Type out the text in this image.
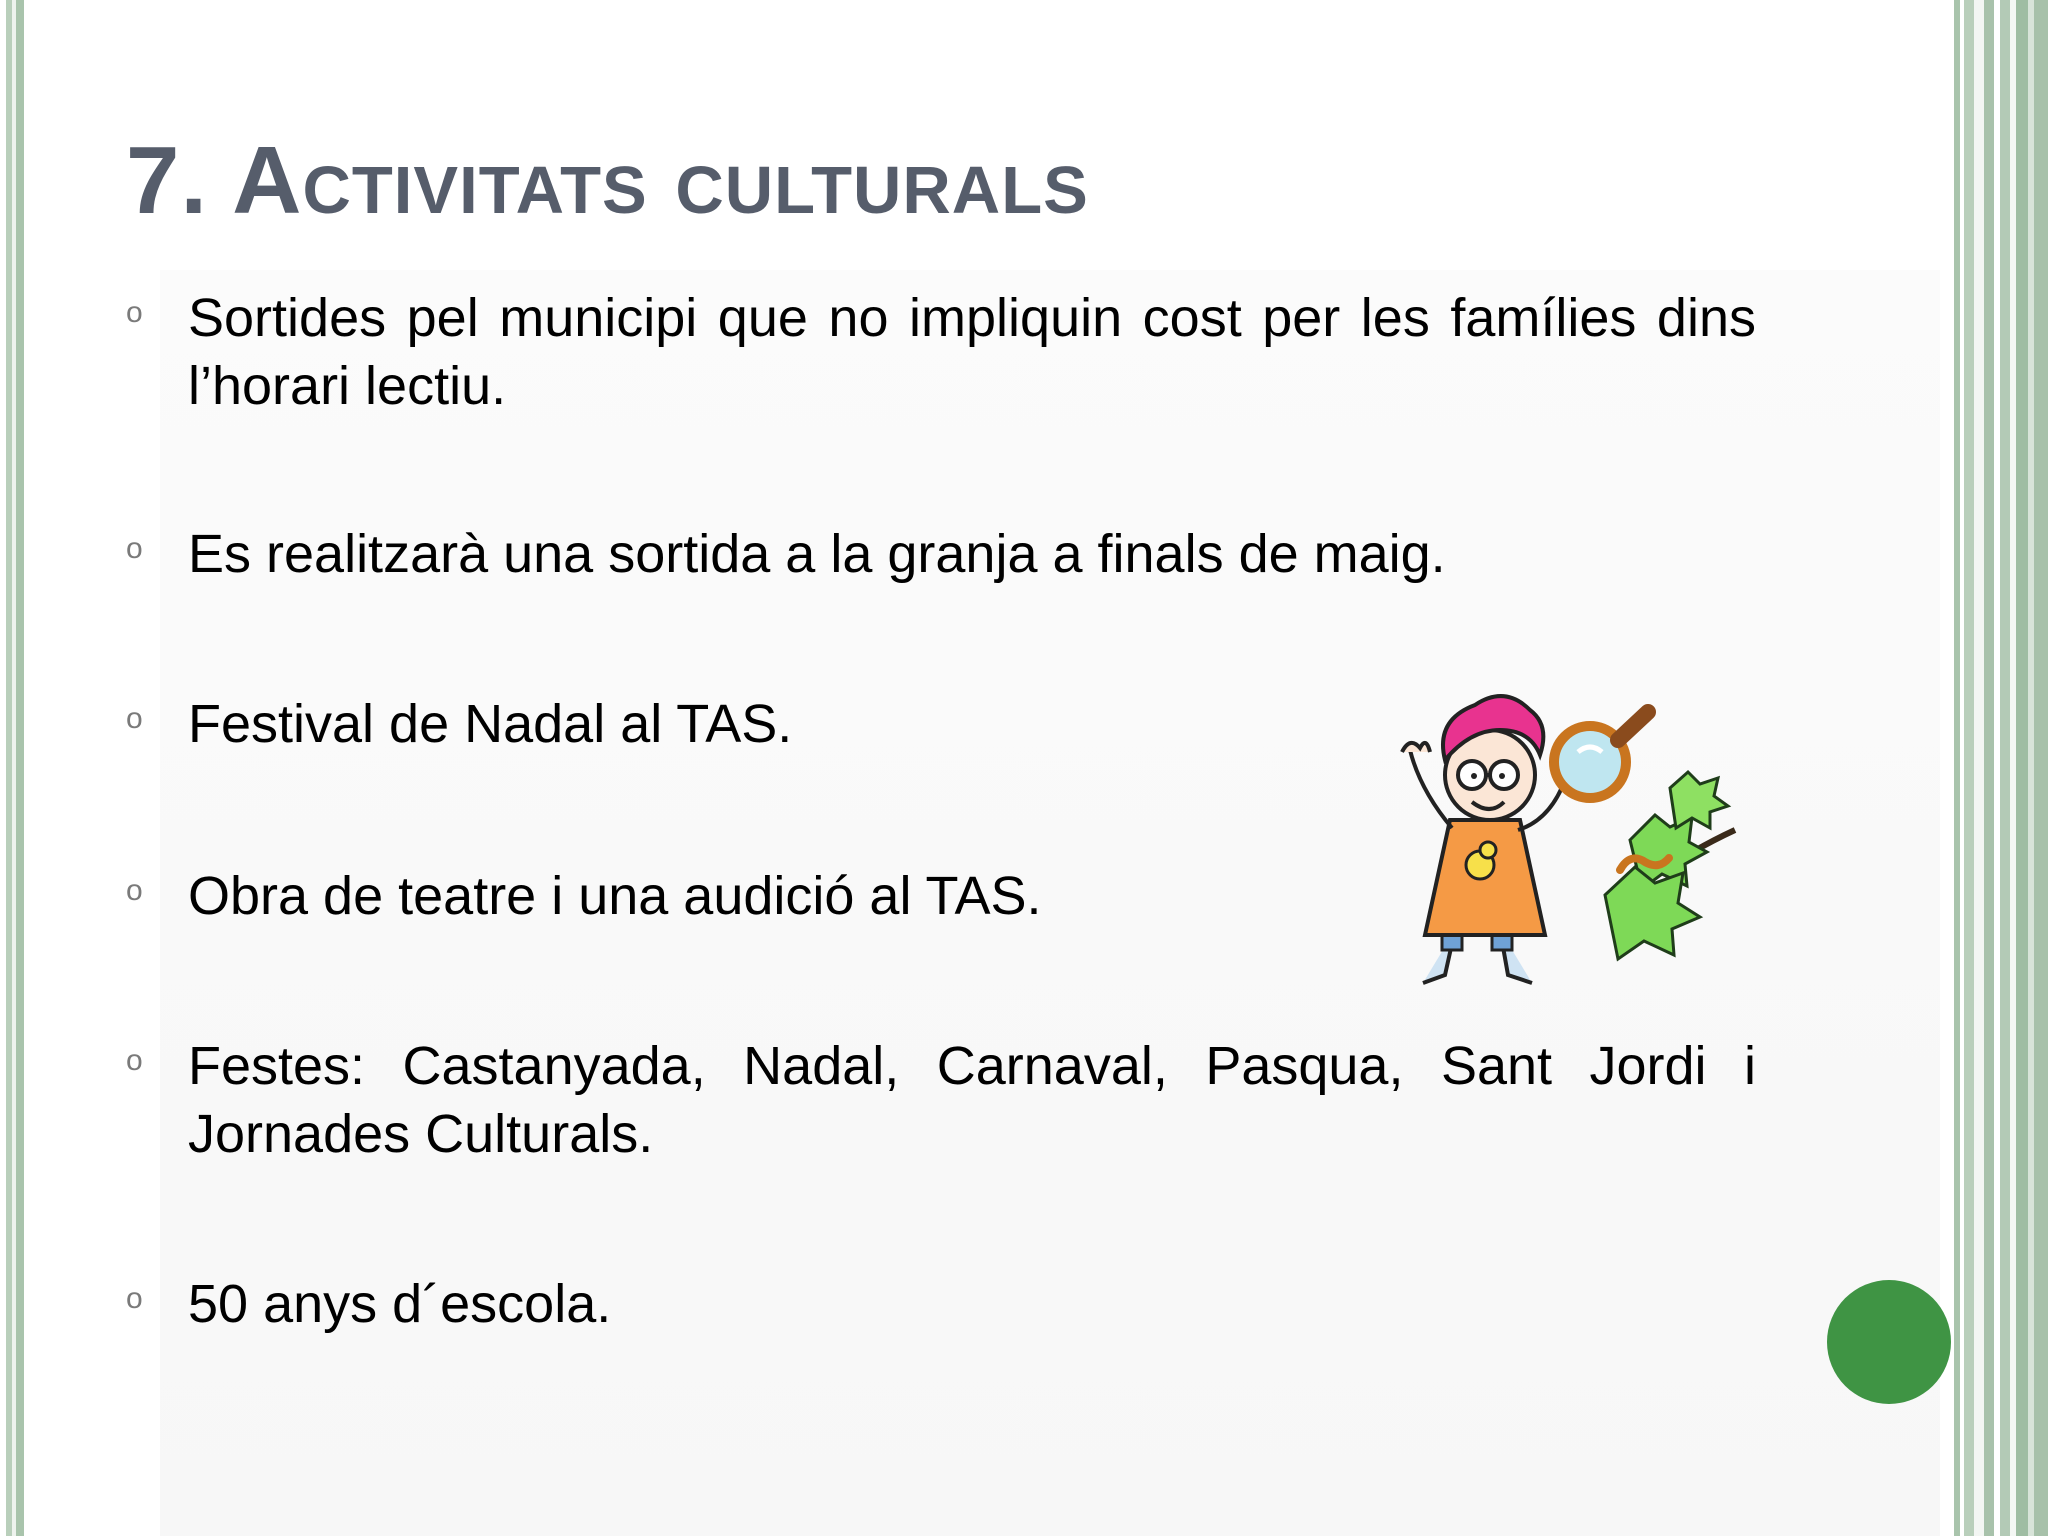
7. Activitats culturals
o Sortides pel municipi que no impliquin cost per les famílies dins l’horari lectiu.
o Es realitzarà una sortida a la granja a finals de maig.
o Festival de Nadal al TAS.
o Obra de teatre i una audició al TAS.
o Festes: Castanyada, Nadal, Carnaval, Pasqua, Sant Jordi i Jornades Culturals.
o 50 anys d´escola.
